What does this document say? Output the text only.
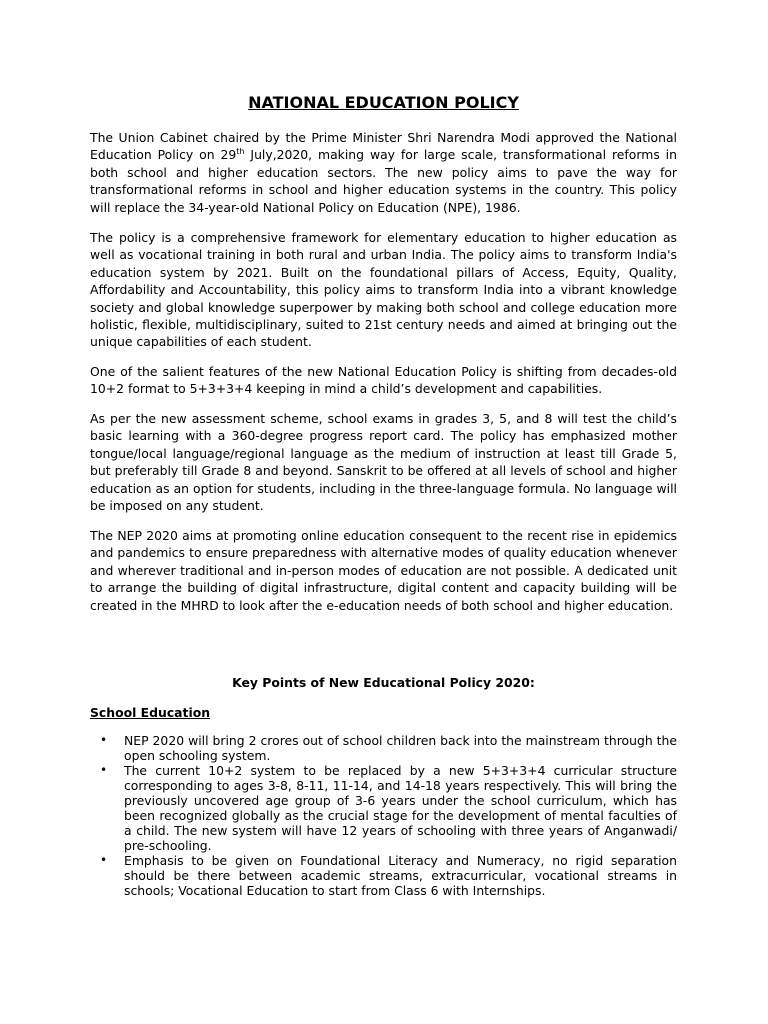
NATIONAL EDUCATION POLICY

The Union Cabinet chaired by the Prime Minister Shri Narendra Modi approved the National Education Policy on 29th July,2020, making way for large scale, transformational reforms in both school and higher education sectors. The new policy aims to pave the way for transformational reforms in school and higher education systems in the country. This policy will replace the 34-year-old National Policy on Education (NPE), 1986.

The policy is a comprehensive framework for elementary education to higher education as well as vocational training in both rural and urban India. The policy aims to transform India's education system by 2021. Built on the foundational pillars of Access, Equity, Quality, Affordability and Accountability, this policy aims to transform India into a vibrant knowledge society and global knowledge superpower by making both school and college education more holistic, flexible, multidisciplinary, suited to 21st century needs and aimed at bringing out the unique capabilities of each student.

One of the salient features of the new National Education Policy is shifting from decades-old 10+2 format to 5+3+3+4 keeping in mind a child’s development and capabilities.

As per the new assessment scheme, school exams in grades 3, 5, and 8 will test the child’s basic learning with a 360-degree progress report card. The policy has emphasized mother tongue/local language/regional language as the medium of instruction at least till Grade 5, but preferably till Grade 8 and beyond. Sanskrit to be offered at all levels of school and higher education as an option for students, including in the three-language formula. No language will be imposed on any student.

The NEP 2020 aims at promoting online education consequent to the recent rise in epidemics and pandemics to ensure preparedness with alternative modes of quality education whenever and wherever traditional and in-person modes of education are not possible. A dedicated unit to arrange the building of digital infrastructure, digital content and capacity building will be created in the MHRD to look after the e-education needs of both school and higher education.

Key Points of New Educational Policy 2020:
School Education
• NEP 2020 will bring 2 crores out of school children back into the mainstream through the open schooling system.
• The current 10+2 system to be replaced by a new 5+3+3+4 curricular structure corresponding to ages 3-8, 8-11, 11-14, and 14-18 years respectively. This will bring the previously uncovered age group of 3-6 years under the school curriculum, which has been recognized globally as the crucial stage for the development of mental faculties of a child. The new system will have 12 years of schooling with three years of Anganwadi/ pre-schooling.
• Emphasis to be given on Foundational Literacy and Numeracy, no rigid separation should be there between academic streams, extracurricular, vocational streams in schools; Vocational Education to start from Class 6 with Internships.
